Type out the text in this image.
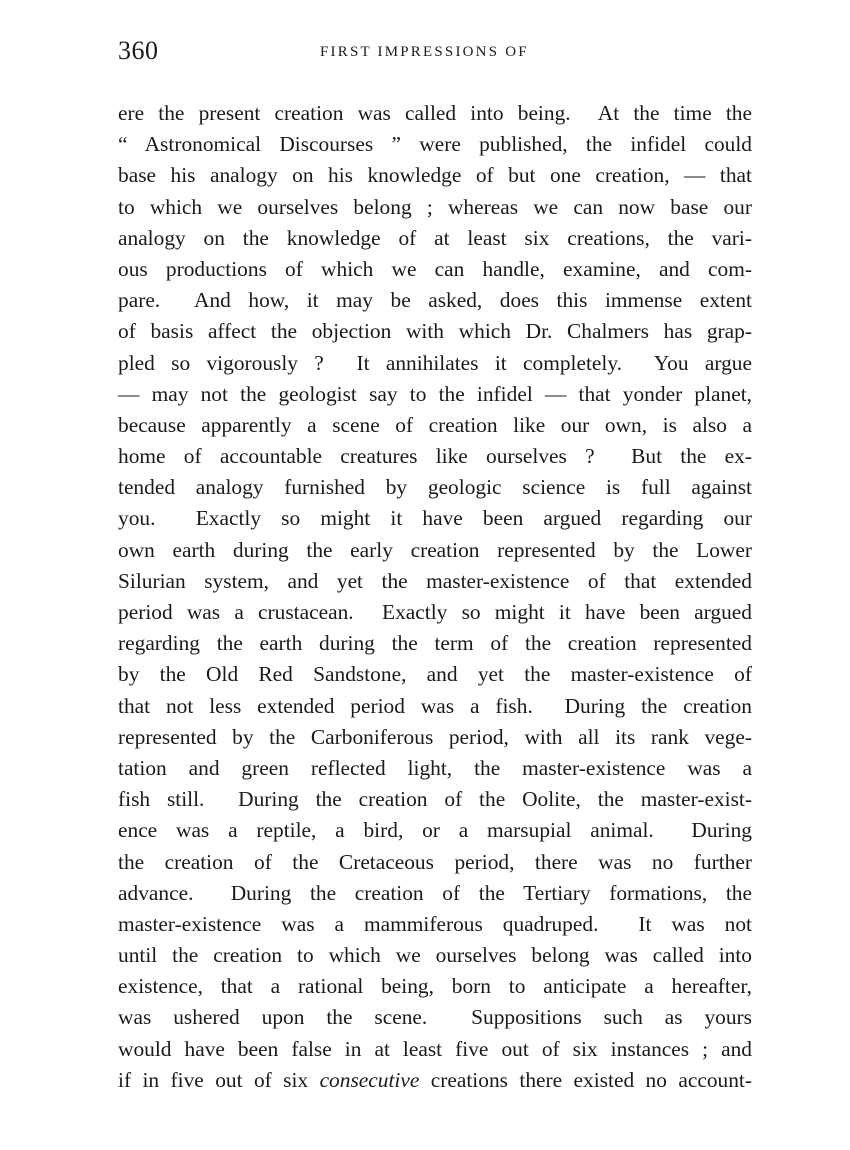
360	FIRST IMPRESSIONS OF
ere the present creation was called into being.  At the time the
“ Astronomical Discourses ” were published, the infidel could
base his analogy on his knowledge of but one creation, — that
to which we ourselves belong ; whereas we can now base our
analogy on the knowledge of at least six creations, the vari-
ous productions of which we can handle, examine, and com-
pare.  And how, it may be asked, does this immense extent
of basis affect the objection with which Dr. Chalmers has grap-
pled so vigorously ?  It annihilates it completely.  You argue
— may not the geologist say to the infidel — that yonder planet,
because apparently a scene of creation like our own, is also a
home of accountable creatures like ourselves ?  But the ex-
tended analogy furnished by geologic science is full against
you.  Exactly so might it have been argued regarding our
own earth during the early creation represented by the Lower
Silurian system, and yet the master-existence of that extended
period was a crustacean.  Exactly so might it have been argued
regarding the earth during the term of the creation represented
by the Old Red Sandstone, and yet the master-existence of
that not less extended period was a fish.  During the creation
represented by the Carboniferous period, with all its rank vege-
tation and green reflected light, the master-existence was a
fish still.  During the creation of the Oolite, the master-exist-
ence was a reptile, a bird, or a marsupial animal.  During
the creation of the Cretaceous period, there was no further
advance.  During the creation of the Tertiary formations, the
master-existence was a mammiferous quadruped.  It was not
until the creation to which we ourselves belong was called into
existence, that a rational being, born to anticipate a hereafter,
was ushered upon the scene.  Suppositions such as yours
would have been false in at least five out of six instances ; and
if in five out of six consecutive creations there existed no account-
